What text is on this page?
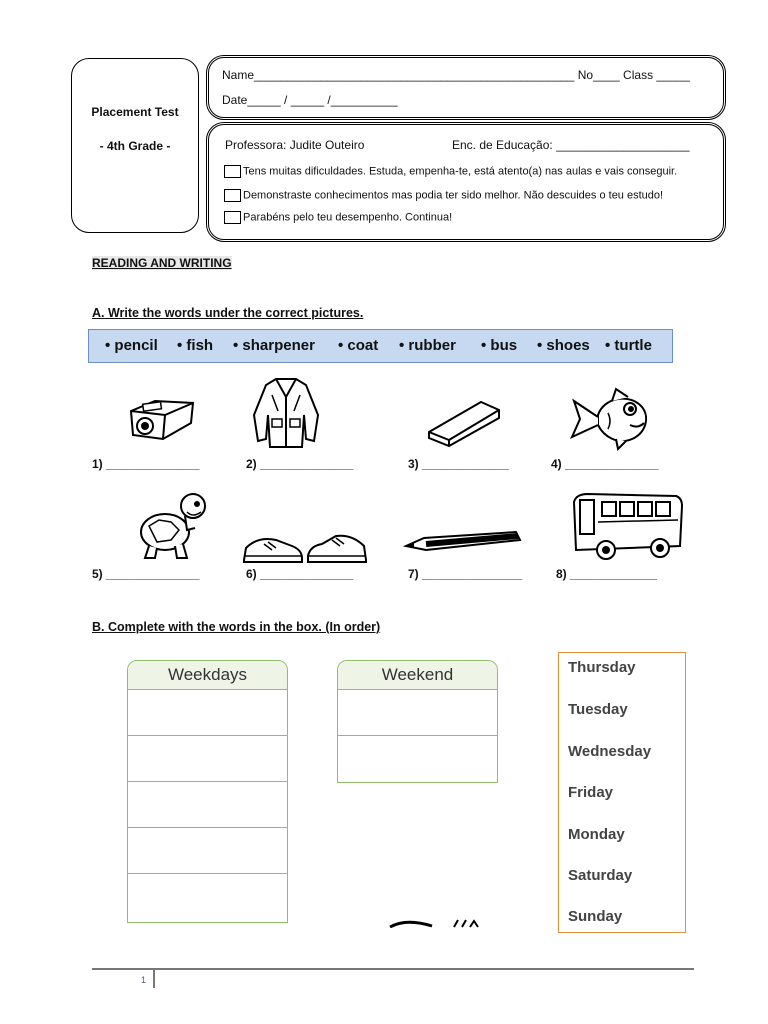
Placement Test
- 4th Grade -
Name________________________________________________ No____ Class _____
Date_____ / _____ /__________
Professora: Judite Outeiro	Enc. de Educação: ____________________
Tens muitas dificuldades. Estuda, empenha-te, está atento(a) nas aulas e vais conseguir.
Demonstraste conhecimentos mas podia ter sido melhor. Não descuides o teu estudo!
Parabéns pelo teu desempenho. Continua!
READING AND WRITING
A. Write the words under the correct pictures.
• pencil • fish • sharpener • coat • rubber • bus • shoes • turtle
1) ______________	2) ______________	3) _____________	4) ______________
5) ______________	6) ______________	7) _______________	8) _____________
B. Complete with the words in the box. (In order)
Weekdays	Weekend	Thursday
Tuesday
Wednesday
Friday
Monday
Saturday
Sunday
1
